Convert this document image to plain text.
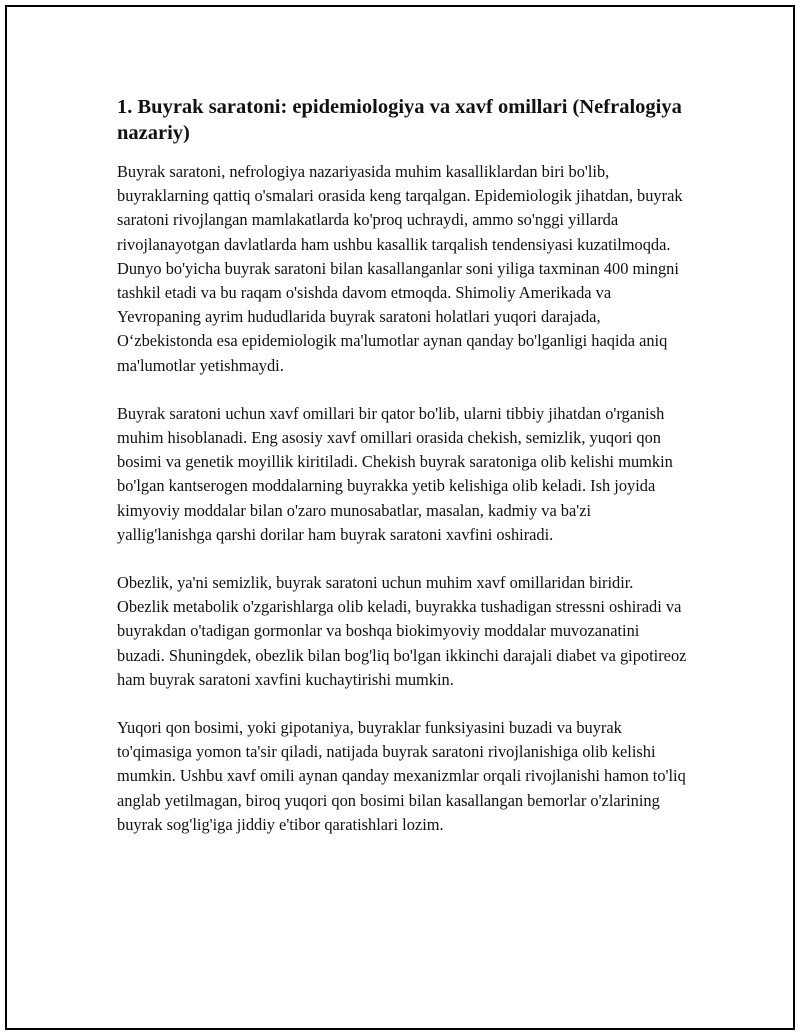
1. Buyrak saratoni: epidemiologiya va xavf omillari (Nefralogiya nazariy)

Buyrak saratoni, nefrologiya nazariyasida muhim kasalliklardan biri bo'lib, buyraklarning qattiq o'smalari orasida keng tarqalgan. Epidemiologik jihatdan, buyrak saratoni rivojlangan mamlakatlarda ko'proq uchraydi, ammo so'nggi yillarda rivojlanayotgan davlatlarda ham ushbu kasallik tarqalish tendensiyasi kuzatilmoqda. Dunyo bo'yicha buyrak saratoni bilan kasallanganlar soni yiliga taxminan 400 mingni tashkil etadi va bu raqam o'sishda davom etmoqda. Shimoliy Amerikada va Yevropaning ayrim hududlarida buyrak saratoni holatlari yuqori darajada, O‘zbekistonda esa epidemiologik ma'lumotlar aynan qanday bo'lganligi haqida aniq ma'lumotlar yetishmaydi.

Buyrak saratoni uchun xavf omillari bir qator bo'lib, ularni tibbiy jihatdan o'rganish muhim hisoblanadi. Eng asosiy xavf omillari orasida chekish, semizlik, yuqori qon bosimi va genetik moyillik kiritiladi. Chekish buyrak saratoniga olib kelishi mumkin bo'lgan kantserogen moddalarning buyrakka yetib kelishiga olib keladi. Ish joyida kimyoviy moddalar bilan o'zaro munosabatlar, masalan, kadmiy va ba'zi yallig'lanishga qarshi dorilar ham buyrak saratoni xavfini oshiradi.

Obezlik, ya'ni semizlik, buyrak saratoni uchun muhim xavf omillaridan biridir. Obezlik metabolik o'zgarishlarga olib keladi, buyrakka tushadigan stressni oshiradi va buyrakdan o'tadigan gormonlar va boshqa biokimyoviy moddalar muvozanatini buzadi. Shuningdek, obezlik bilan bog'liq bo'lgan ikkinchi darajali diabet va gipotireoz ham buyrak saratoni xavfini kuchaytirishi mumkin.

Yuqori qon bosimi, yoki gipotaniya, buyraklar funksiyasini buzadi va buyrak to'qimasiga yomon ta'sir qiladi, natijada buyrak saratoni rivojlanishiga olib kelishi mumkin. Ushbu xavf omili aynan qanday mexanizmlar orqali rivojlanishi hamon to'liq anglab yetilmagan, biroq yuqori qon bosimi bilan kasallangan bemorlar o'zlarining buyrak sog'lig'iga jiddiy e'tibor qaratishlari lozim.
